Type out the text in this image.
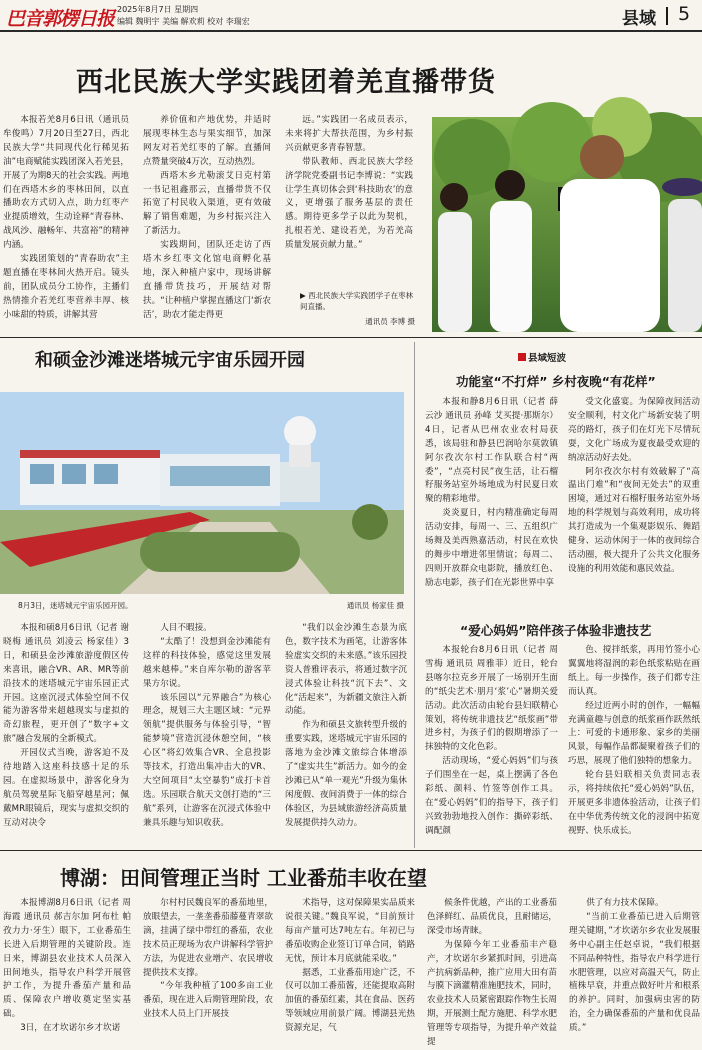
巴音郭楞日报 2025年8月7日 星期四
编辑 魏明宇 美编 解欢莉 校对 李瑞宏	县域 5
西北民族大学实践团着羌直播带货

本报若羌8月6日讯（通讯员 牟俊鸣）7月20日至27日，西北民族大学“共同现代化行稀见拓油”电商赋能实践团深入若羌县，开展了为期8天的社会实践。两地们在西塔木乡的枣林田间，以直播助农方式切入点，助力红枣产业提质增效，生动诠释“青春林、战风沙、融畅年、共富裕”的精神内涵。

实践团策划的“青春助农”主题直播在枣林间火热开启。镜头前，团队成员分工协作，主播们热情推介若羌红枣营养丰厚、核小味甜的特质，讲解其营

养价值和产地优势，并适时展现枣林生态与果实细节，加深网友对若羌红枣的了解。直播间点赞量突破4万次，互动热烈。

西塔木乡尤勒滚艾日克村第一书记祖鑫那云，直播带货不仅拓宽了村民收入渠道，更有效破解了销售难题，为乡村振兴注入了新活力。

实践期间，团队还走访了西塔木乡红枣文化馆电商孵化基地，深入种植户家中，现场讲解直播带货技巧，开展结对帮扶。“让种植户掌握直播这门‘新农活’，助农才能走得更

远。”实践团一名成员表示，未来将扩大帮扶范围，为乡村振兴贡献更多青春智慧。

带队教师、西北民族大学经济学院党委副书记李博说：“实践让学生真切体会到‘科技助农’的意义，更增强了服务基层的责任感。期待更多学子以此为契机，扎根若羌、建设若羌，为若羌高质量发展贡献力量。”

▶ 西北民族大学实践团学子在枣林间直播。
通讯员 李博 摄
和硕金沙滩迷塔城元宇宙乐园开园
8月3日，迷塔城元宇宙乐园开园。	通讯员 杨家佳 摄

本报和硕8月6日讯（记者 谢晓梅 通讯员 刘凌云 杨家佳）3日，和硕县金沙滩旅游度假区传来喜讯，融合VR、AR、MR等前沿技术的迷塔城元宇宙乐园正式开园。这座沉浸式体验空间不仅能为游客带来超越现实与虚拟的奇幻旅程，更开创了“数字+文旅”融合发展的全新模式。

开园仪式当晚，游客迫不及待地踏入这座科技感十足的乐园。在虚拟场景中，游客化身为航员驾驶星际飞船穿越星河；佩戴MR眼镜后，现实与虚拟交织的互动对决令

人目不暇接。

“太酷了！没想到金沙滩能有这样的科技体验，感觉这里发展越来越棒。”来自库尔勒的游客苹果方尔说。

该乐园以“元界融合”为核心理念，规划三大主题区域：“元界领航”提供服务与体验引导，“智能梦境”营造沉浸休憩空间，“核心区”将幻效集合VR、全息投影等技术，打造出集冲击大的VR、大空间项目“太空暴豹”成打卡首选。乐园联合航天文创打造的“三航”系列，让游客在沉浸式体验中兼具乐趣与知识收获。

“我们以金沙滩生态景为底色，数字技术为画笔，让游客体验虚实交织的未来感。”该乐园投资人普雅评表示，将通过数字沉浸式体验让科技“沉下去”、文化“活起来”，为新疆文旅注入新动能。

作为和硕县文旅转型升级的重要实践，迷塔城元宇宙乐园的落地为金沙滩文旅综合体增添了“虚实共生”新活力。如今的金沙滩已从“单一观光”升级为集休闲度假、夜间消费于一体的综合体验区，为县域旅游经济高质量发展提供持久动力。

县域短波
功能室“不打烊” 乡村夜晚“有花样”

本报和静8月6日讯（记者 薛云沙 通讯员 孙峰 艾买提·那斯尔）4日，记者从巴州农业农村局获悉，该局驻和静县巴润哈尔莫敦镇阿尔孜次尔村工作队联合村“两委”，“点亮村民”夜生活，让石榴籽服务站室外场地成为村民夏日欢聚的精彩地带。

炎炎夏日，村内精准确定每周活动安排，每周一、三、五组织广场舞及美西熟嘉活动，村民在欢快的舞步中增进邻里情谊；每周二、四则开放群众电影院，播放红色、励志电影，孩子们在光影世界中享

受文化盛宴。为保障夜间活动安全顺利，村文化广场新安装了明亮的路灯，孩子们在灯光下尽情玩耍，文化广场成为夏夜最受欢迎的纳凉活动好去处。

阿尔孜次尔村有效破解了“高温出门难”和“夜间无处去”的双重困境，通过对石榴籽服务站室外场地的科学规划与高效利用，成功将其打造成为一个集观影娱乐、舞蹈健身、运动休闲于一体的夜间综合活动圈，极大提升了公共文化服务设施的利用效能和惠民效益。

“爱心妈妈”陪伴孩子体验非遗技艺

本报轮台8月6日讯（记者 周雪梅 通讯员 周雅菲）近日，轮台县喀尔拉克乡开展了一场别开生面的“纸尖艺术·朋月‘浆’心”暑期关爱活动。此次活动由轮台县妇联精心策划，将传统非遗技艺“纸浆画”带进乡村，为孩子们的假期增添了一抹独特的文化色彩。

活动现场，“爱心妈妈”们与孩子们围坐在一起，桌上摆满了各色彩纸、颜料、竹签等创作工具。在“爱心妈妈”们的指导下，孩子们兴致勃勃地投入创作：撕碎彩纸、调配颜

色、搅拌纸浆，再用竹签小心翼翼地将湿润的彩色纸浆粘贴在画纸上。每一步操作，孩子们都专注而认真。

经过近两小时的创作，一幅幅充满童趣与创意的纸浆画作跃然纸上：可爱的卡通形象、家乡的美丽风景，每幅作品都凝聚着孩子们的巧思，展现了他们独特的想象力。

轮台县妇联相关负责同志表示，将持续依托“爱心妈妈”队伍，开展更多非遗体验活动，让孩子们在中华优秀传统文化的浸润中拓宽视野、快乐成长。

博湖：田间管理正当时 工业番茄丰收在望

本报博湖8月6日讯（记者 周海霞 通讯员 郝吉尔加 阿布杜 帕孜力力·牙生）眼下，工业番茄生长进入后期管理的关键阶段。连日来，博湖县农业技术人员深入田间地头，指导农户科学开展管护工作，为提升番茄产量和品质、保障农户增收奠定坚实基础。

3日，在才坎诺尔乡才坎诺

尔村村民魏良军的番茄地里，放眼望去，一垄垄番茄藤蔓青翠欲滴，挂满了绿中带红的番茄，农业技术员正现场为农户讲解科学管护方法，为促进农业增产、农民增收提供技术支撑。

“今年我种植了100多亩工业番茄，现在进入后期管理阶段，农业技术人员上门开展技

术指导，这对保障果实品质来说很关键。”魏良军说，“目前预计每亩产量可达7吨左右。年初已与番茄收购企业签订订单合同，销路无忧，预计本月底就能采收。”

据悉，工业番茄用途广泛，不仅可以加工番茄酱，还能提取高附加值的番茄红素，其在食品、医药等领域应用前景广阔。博湖县光热资源充足，气

候条件优越，产出的工业番茄色泽鲜红、品质优良，且耐储运，深受市场青睐。

为保障今年工业番茄丰产稳产，才坎诺尔乡紧抓时间，引进高产抗病新品种，推广应用大田有苗与膜下滴灌精准施肥技术，同时，农业技术人员紧密跟踪作物生长周期，开展测土配方施肥、科学水肥管理等专项指导，为提升单产效益提

供了有力技术保障。

“当前工业番茄已进入后期管理关键期，”才坎诺尔乡农业发展服务中心副主任赵卓说，“我们根据不同品种特性，指导农户科学进行水肥管理，以应对高温天气，防止植株早衰，并重点做好叶片和根系的养护。同时，加强病虫害的防治，全力确保番茄的产量和优良品质。”
